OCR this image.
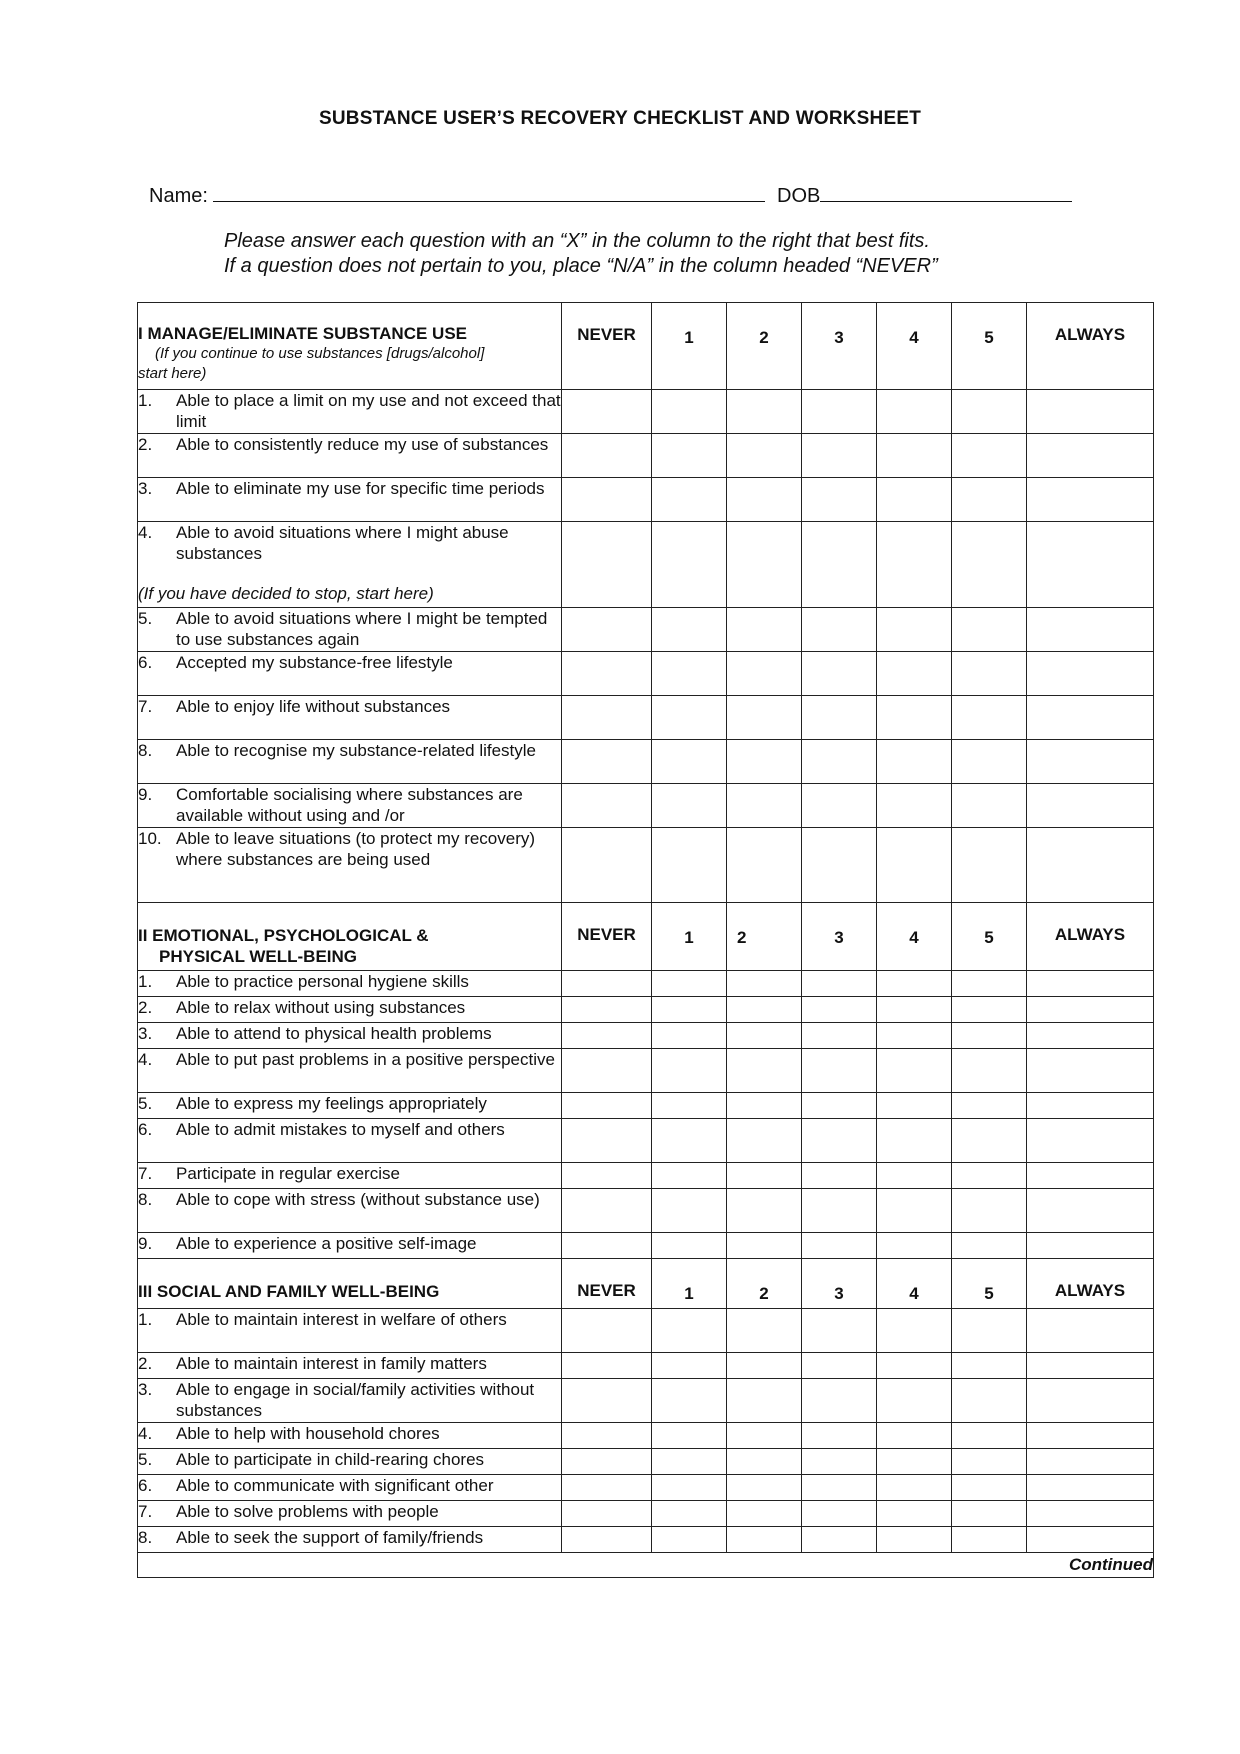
SUBSTANCE USER’S RECOVERY CHECKLIST AND WORKSHEET
Name:	DOB
Please answer each question with an “X” in the column to the right that best fits.
If a question does not pertain to you, place “N/A” in the column headed “NEVER”
I MANAGE/ELIMINATE SUBSTANCE USE
(If you continue to use substances [drugs/alcohol]
start here)	NEVER	1	2	3	4	5	ALWAYS

1. Able to place a limit on my use and not exceed that limit							

2. Able to consistently reduce my use of substances							

3. Able to eliminate my use for specific time periods							

4. Able to avoid situations where I might abuse substances
(If you have decided to stop, start here)							

5. Able to avoid situations where I might be tempted to use substances again							

6. Accepted my substance-free lifestyle							

7. Able to enjoy life without substances							

8. Able to recognise my substance-related lifestyle							

9. Comfortable socialising where substances are available without using and /or							

10. Able to leave situations (to protect my recovery) where substances are being used							

II EMOTIONAL, PSYCHOLOGICAL &
PHYSICAL WELL-BEING	NEVER	1	2	3	4	5	ALWAYS

1. Able to practice personal hygiene skills							

2. Able to relax without using substances							

3. Able to attend to physical health problems							

4. Able to put past problems in a positive perspective							

5. Able to express my feelings appropriately							

6. Able to admit mistakes to myself and others							

7. Participate in regular exercise							

8. Able to cope with stress (without substance use)							

9. Able to experience a positive self-image							

III SOCIAL AND FAMILY WELL-BEING	NEVER	1	2	3	4	5	ALWAYS

1. Able to maintain interest in welfare of others							

2. Able to maintain interest in family matters							

3. Able to engage in social/family activities without substances							

4. Able to help with household chores							

5. Able to participate in child-rearing chores							

6. Able to communicate with significant other							

7. Able to solve problems with people							

8. Able to seek the support of family/friends							

Continued							
